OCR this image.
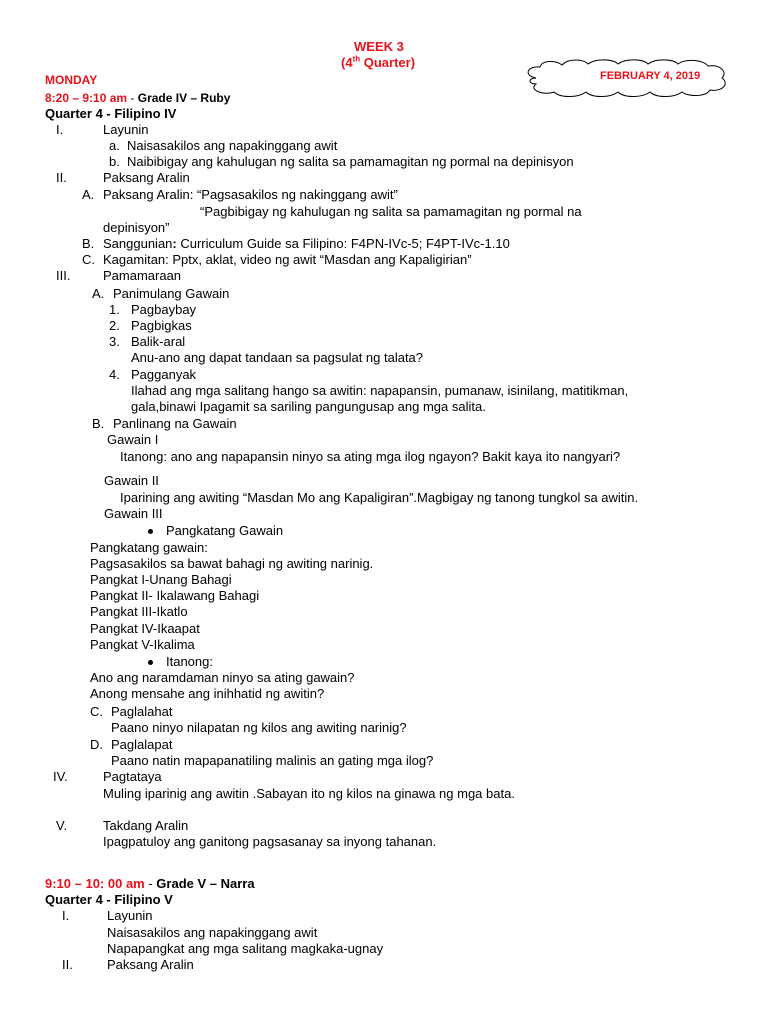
WEEK 3
(4th Quarter)
FEBRUARY 4, 2019
MONDAY
8:20 – 9:10 am - Grade IV – Ruby
Quarter 4 - Filipino IV
I.	Layunin
a. Naisasakilos ang napakinggang awit
b. Naibibigay ang kahulugan ng salita sa pamamagitan ng pormal na depinisyon
II.	Paksang Aralin
A. Paksang Aralin: “Pagsasakilos ng nakinggang awit”
“Pagbibigay ng kahulugan ng salita sa pamamagitan ng pormal na
depinisyon”
B. Sanggunian: Curriculum Guide sa Filipino: F4PN-IVc-5; F4PT-IVc-1.10
C. Kagamitan: Pptx, aklat, video ng awit “Masdan ang Kapaligirian”
III.	Pamamaraan
A. Panimulang Gawain
1. Pagbaybay
2. Pagbigkas
3. Balik-aral
Anu-ano ang dapat tandaan sa pagsulat ng talata?
4. Pagganyak
Ilahad ang mga salitang hango sa awitin: napapansin, pumanaw, isinilang, matitikman,
gala,binawi Ipagamit sa sariling pangungusap ang mga salita.
B. Panlinang na Gawain
Gawain I
Itanong: ano ang napapansin ninyo sa ating mga ilog ngayon? Bakit kaya ito nangyari?
Gawain II
Iparining ang awiting “Masdan Mo ang Kapaligiran”.Magbigay ng tanong tungkol sa awitin.
Gawain III
Pangkatang Gawain
Pangkatang gawain:
Pagsasakilos sa bawat bahagi ng awiting narinig.
Pangkat I-Unang Bahagi
Pangkat II- Ikalawang Bahagi
Pangkat III-Ikatlo
Pangkat IV-Ikaapat
Pangkat V-Ikalima
Itanong:
Ano ang naramdaman ninyo sa ating gawain?
Anong mensahe ang inihhatid ng awitin?
C. Paglalahat
Paano ninyo nilapatan ng kilos ang awiting narinig?
D. Paglalapat
Paano natin mapapanatiling malinis an gating mga ilog?
IV.	Pagtataya
Muling iparinig ang awitin .Sabayan ito ng kilos na ginawa ng mga bata.
V.	Takdang Aralin
Ipagpatuloy ang ganitong pagsasanay sa inyong tahanan.
9:10 – 10: 00 am - Grade V – Narra
Quarter 4 - Filipino V
I.	Layunin
Naisasakilos ang napakinggang awit
Napapangkat ang mga salitang magkaka-ugnay
II.	Paksang Aralin
